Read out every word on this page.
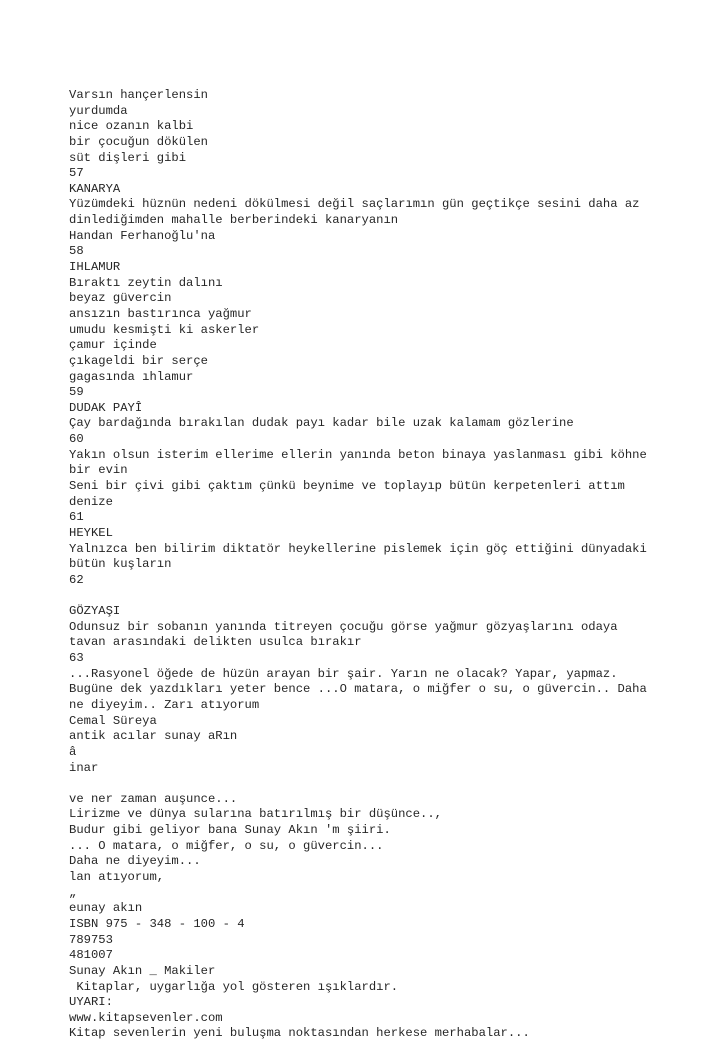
Varsın hançerlensin
yurdumda
nice ozanın kalbi
bir çocuğun dökülen
süt dişleri gibi
57
KANARYA
Yüzümdeki hüznün nedeni dökülmesi değil saçlarımın gün geçtikçe sesini daha az
dinlediğimden mahalle berberindeki kanaryanın
Handan Ferhanoğlu'na
58
IHLAMUR
Bıraktı zeytin dalını
beyaz güvercin
ansızın bastırınca yağmur
umudu kesmişti ki askerler
çamur içinde
çıkageldi bir serçe
gagasında ıhlamur
59
DUDAK PAYÎ
Çay bardağında bırakılan dudak payı kadar bile uzak kalamam gözlerine
60
Yakın olsun isterim ellerime ellerin yanında beton binaya yaslanması gibi köhne
bir evin
Seni bir çivi gibi çaktım çünkü beynime ve toplayıp bütün kerpetenleri attım
denize
61
HEYKEL
Yalnızca ben bilirim diktatör heykellerine pislemek için göç ettiğini dünyadaki
bütün kuşların
62
GÖZYAŞI
Odunsuz bir sobanın yanında titreyen çocuğu görse yağmur gözyaşlarını odaya
tavan arasındaki delikten usulca bırakır
63
...Rasyonel öğede de hüzün arayan bir şair. Yarın ne olacak? Yapar, yapmaz.
Bugüne dek yazdıkları yeter bence ...O matara, o miğfer o su, o güvercin.. Daha
ne diyeyim.. Zarı atıyorum
Cemal Süreya
antik acılar sunay aRın
â
inar
ve ner zaman auşunce...
Lirizme ve dünya sularına batırılmış bir düşünce..,
Budur gibi geliyor bana Sunay Akın 'm şiiri.
... O matara, o miğfer, o su, o güvercin...
Daha ne diyeyim...
lan atıyorum,
„
eunay akın
ISBN 975 - 348 - 100 - 4
789753
481007
Sunay Akın _ Makiler
Kitaplar, uygarlığa yol gösteren ışıklardır.
UYARI:
www.kitapsevenler.com
Kitap sevenlerin yeni buluşma noktasından herkese merhabalar...
